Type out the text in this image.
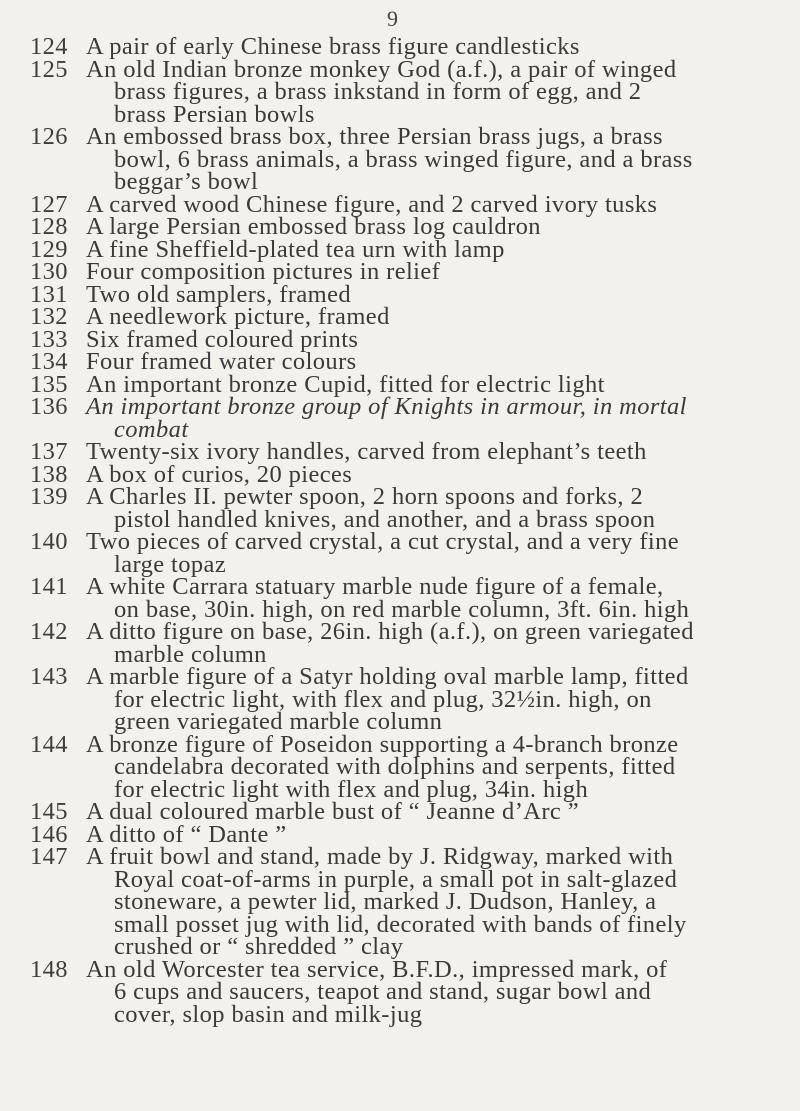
9
124 A pair of early Chinese brass figure candlesticks
125 An old Indian bronze monkey God (a.f.), a pair of winged
brass figures, a brass inkstand in form of egg, and 2
brass Persian bowls
126 An embossed brass box, three Persian brass jugs, a brass
bowl, 6 brass animals, a brass winged figure, and a brass
beggar’s bowl
127 A carved wood Chinese figure, and 2 carved ivory tusks
128 A large Persian embossed brass log cauldron
129 A fine Sheffield-plated tea urn with lamp
130 Four composition pictures in relief
131 Two old samplers, framed
132 A needlework picture, framed
133 Six framed coloured prints
134 Four framed water colours
135 An important bronze Cupid, fitted for electric light
136 An important bronze group of Knights in armour, in mortal
combat
137 Twenty-six ivory handles, carved from elephant’s teeth
138 A box of curios, 20 pieces
139 A Charles II. pewter spoon, 2 horn spoons and forks, 2
pistol handled knives, and another, and a brass spoon
140 Two pieces of carved crystal, a cut crystal, and a very fine
large topaz
141 A white Carrara statuary marble nude figure of a female,
on base, 30in. high, on red marble column, 3ft. 6in. high
142 A ditto figure on base, 26in. high (a.f.), on green variegated
marble column
143 A marble figure of a Satyr holding oval marble lamp, fitted
for electric light, with flex and plug, 32½in. high, on
green variegated marble column
144 A bronze figure of Poseidon supporting a 4-branch bronze
candelabra decorated with dolphins and serpents, fitted
for electric light with flex and plug, 34in. high
145 A dual coloured marble bust of “ Jeanne d’Arc ”
146 A ditto of “ Dante ”
147 A fruit bowl and stand, made by J. Ridgway, marked with
Royal coat-of-arms in purple, a small pot in salt-glazed
stoneware, a pewter lid, marked J. Dudson, Hanley, a
small posset jug with lid, decorated with bands of finely
crushed or “ shredded ” clay
148 An old Worcester tea service, B.F.D., impressed mark, of
6 cups and saucers, teapot and stand, sugar bowl and
cover, slop basin and milk-jug
